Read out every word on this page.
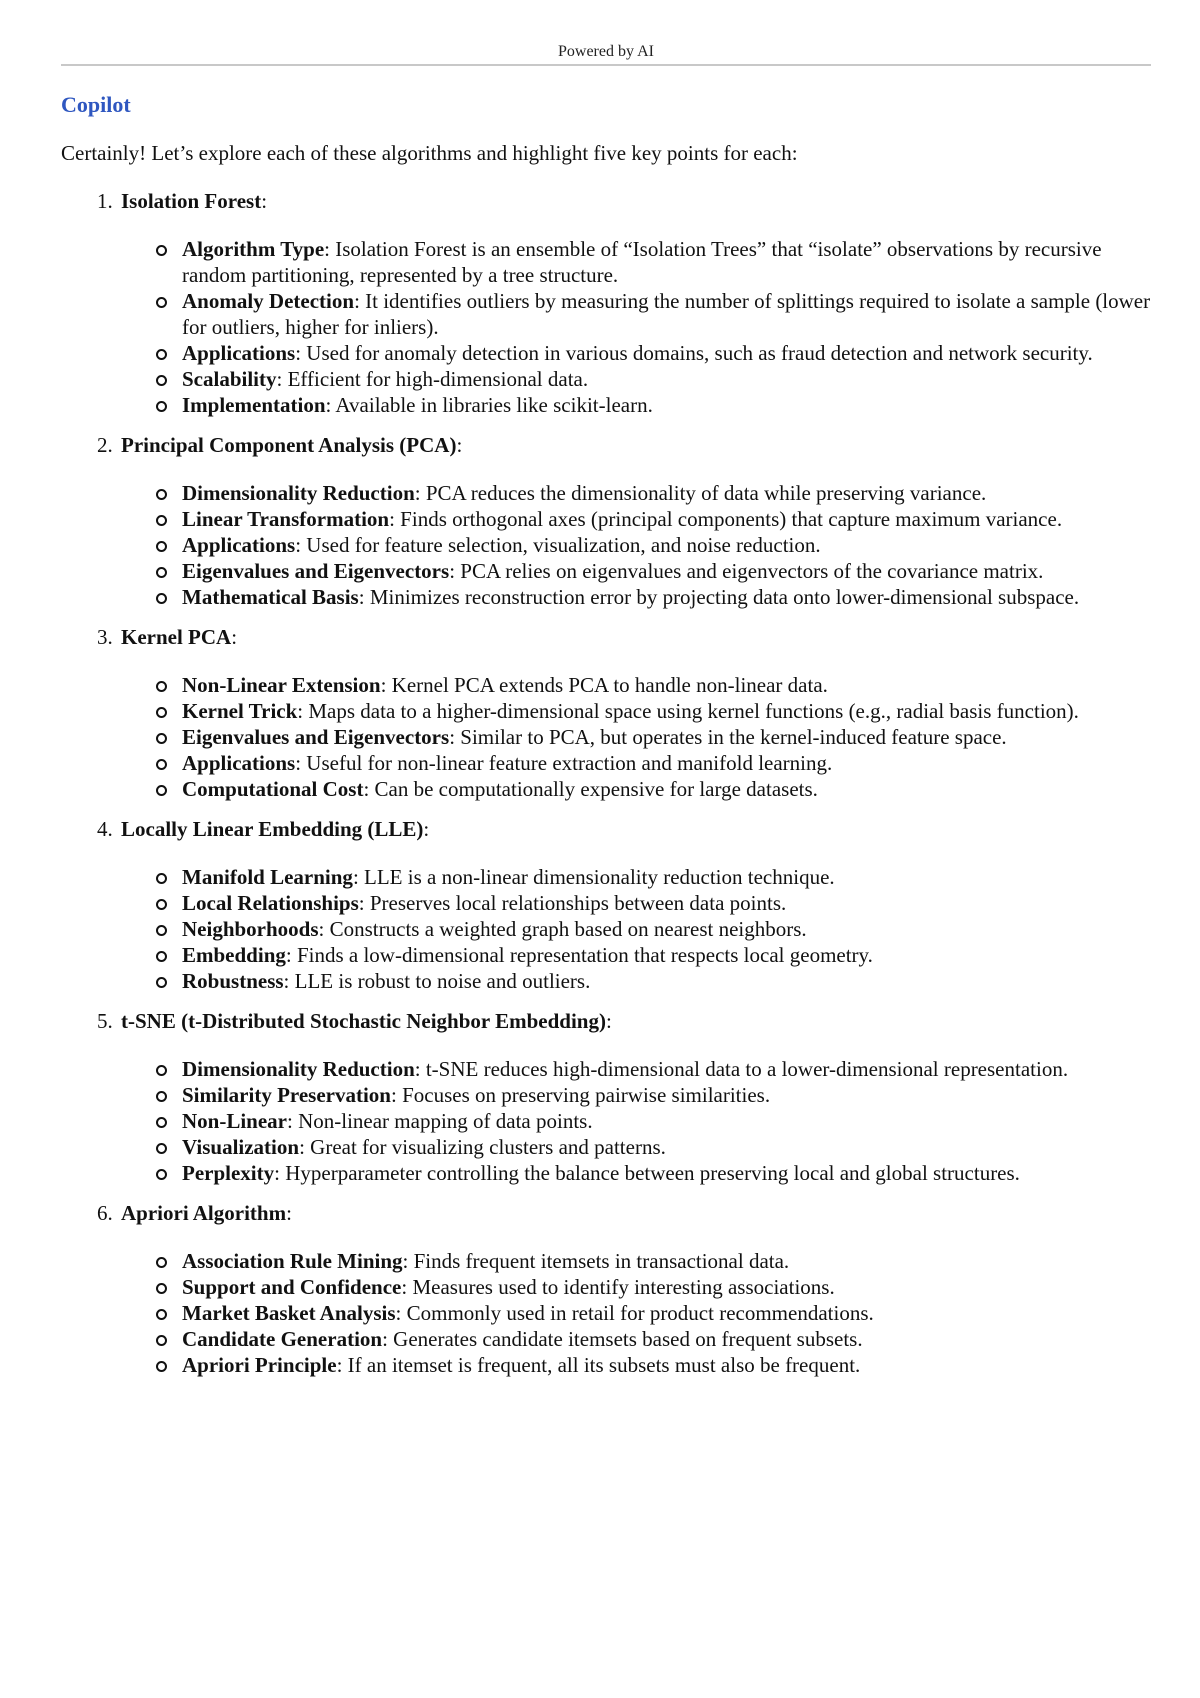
Powered by AI
Copilot
Certainly! Let’s explore each of these algorithms and highlight five key points for each:
1. Isolation Forest:
Algorithm Type: Isolation Forest is an ensemble of “Isolation Trees” that “isolate” observations by recursive random partitioning, represented by a tree structure.
Anomaly Detection: It identifies outliers by measuring the number of splittings required to isolate a sample (lower for outliers, higher for inliers).
Applications: Used for anomaly detection in various domains, such as fraud detection and network security.
Scalability: Efficient for high-dimensional data.
Implementation: Available in libraries like scikit-learn.
2. Principal Component Analysis (PCA):
Dimensionality Reduction: PCA reduces the dimensionality of data while preserving variance.
Linear Transformation: Finds orthogonal axes (principal components) that capture maximum variance.
Applications: Used for feature selection, visualization, and noise reduction.
Eigenvalues and Eigenvectors: PCA relies on eigenvalues and eigenvectors of the covariance matrix.
Mathematical Basis: Minimizes reconstruction error by projecting data onto lower-dimensional subspace.
3. Kernel PCA:
Non-Linear Extension: Kernel PCA extends PCA to handle non-linear data.
Kernel Trick: Maps data to a higher-dimensional space using kernel functions (e.g., radial basis function).
Eigenvalues and Eigenvectors: Similar to PCA, but operates in the kernel-induced feature space.
Applications: Useful for non-linear feature extraction and manifold learning.
Computational Cost: Can be computationally expensive for large datasets.
4. Locally Linear Embedding (LLE):
Manifold Learning: LLE is a non-linear dimensionality reduction technique.
Local Relationships: Preserves local relationships between data points.
Neighborhoods: Constructs a weighted graph based on nearest neighbors.
Embedding: Finds a low-dimensional representation that respects local geometry.
Robustness: LLE is robust to noise and outliers.
5. t-SNE (t-Distributed Stochastic Neighbor Embedding):
Dimensionality Reduction: t-SNE reduces high-dimensional data to a lower-dimensional representation.
Similarity Preservation: Focuses on preserving pairwise similarities.
Non-Linear: Non-linear mapping of data points.
Visualization: Great for visualizing clusters and patterns.
Perplexity: Hyperparameter controlling the balance between preserving local and global structures.
6. Apriori Algorithm:
Association Rule Mining: Finds frequent itemsets in transactional data.
Support and Confidence: Measures used to identify interesting associations.
Market Basket Analysis: Commonly used in retail for product recommendations.
Candidate Generation: Generates candidate itemsets based on frequent subsets.
Apriori Principle: If an itemset is frequent, all its subsets must also be frequent.
